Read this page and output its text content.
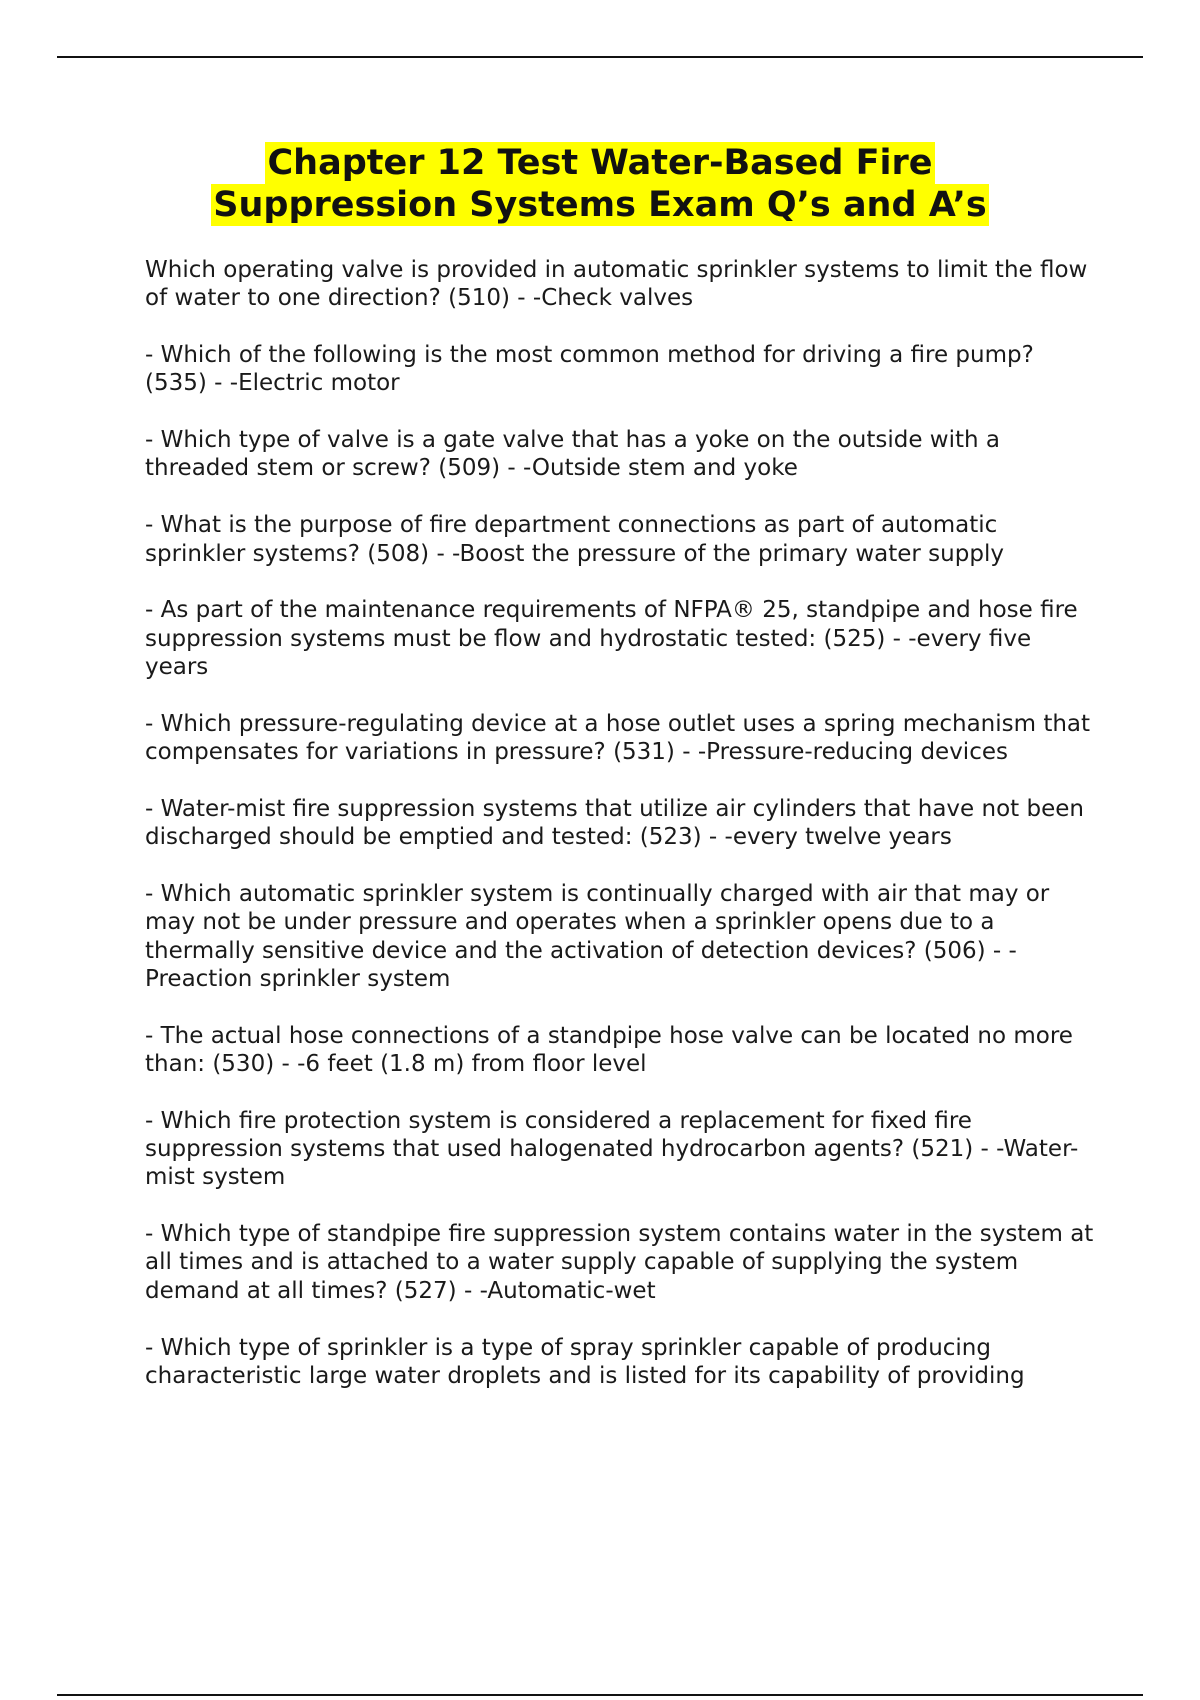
Chapter 12 Test Water-Based Fire
Suppression Systems Exam Q’s and A’s

Which operating valve is provided in automatic sprinkler systems to limit the flow of water to one direction? (510) - -Check valves

- Which of the following is the most common method for driving a fire pump? (535) - -Electric motor

- Which type of valve is a gate valve that has a yoke on the outside with a threaded stem or screw? (509) - -Outside stem and yoke

- What is the purpose of fire department connections as part of automatic sprinkler systems? (508) - -Boost the pressure of the primary water supply

- As part of the maintenance requirements of NFPA® 25, standpipe and hose fire suppression systems must be flow and hydrostatic tested: (525) - -every five years

- Which pressure-regulating device at a hose outlet uses a spring mechanism that compensates for variations in pressure? (531) - -Pressure-reducing devices

- Water-mist fire suppression systems that utilize air cylinders that have not been discharged should be emptied and tested: (523) - -every twelve years

- Which automatic sprinkler system is continually charged with air that may or may not be under pressure and operates when a sprinkler opens due to a thermally sensitive device and the activation of detection devices? (506) - -Preaction sprinkler system

- The actual hose connections of a standpipe hose valve can be located no more than: (530) - -6 feet (1.8 m) from floor level

- Which fire protection system is considered a replacement for fixed fire suppression systems that used halogenated hydrocarbon agents? (521) - -Water-mist system

- Which type of standpipe fire suppression system contains water in the system at all times and is attached to a water supply capable of supplying the system demand at all times? (527) - -Automatic-wet

- Which type of sprinkler is a type of spray sprinkler capable of producing characteristic large water droplets and is listed for its capability of providing
